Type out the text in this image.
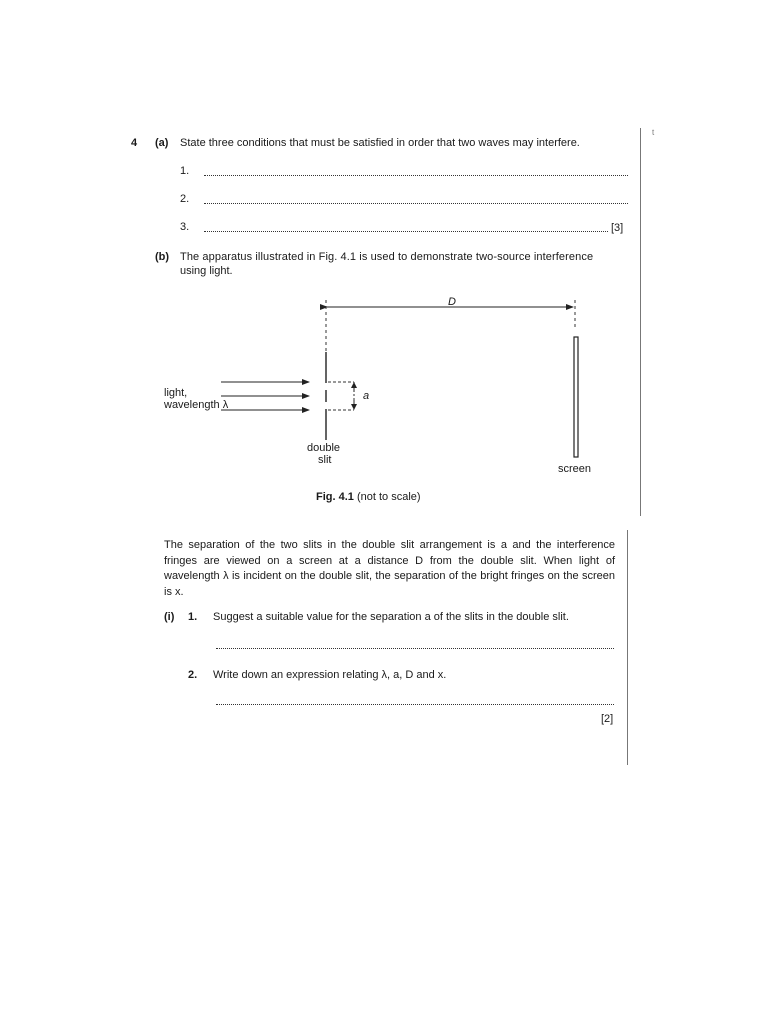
t
4 (a) State three conditions that must be satisfied in order that two waves may interfere.
1.
2.
3.	[3]
(b) The apparatus illustrated in Fig. 4.1 is used to demonstrate two-source interference
using light.
D
a
light,
wavelength λ
double
slit
screen
Fig. 4.1 (not to scale)
The separation of the two slits in the double slit arrangement is a and the interference fringes are viewed on a screen at a distance D from the double slit. When light of wavelength λ is incident on the double slit, the separation of the bright fringes on the screen is x.
(i) 1. Suggest a suitable value for the separation a of the slits in the double slit.
2. Write down an expression relating λ, a, D and x.
[2]
